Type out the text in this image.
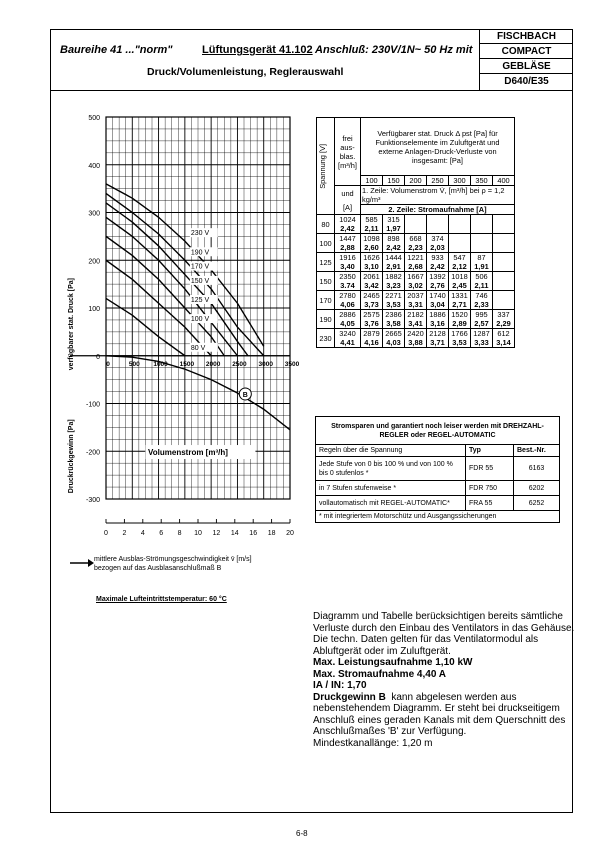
Baureihe 41 ..."norm"	Lüftungsgerät 41.102 Anschluß: 230V/1N~ 50 Hz mit
Druck/Volumenleistung, Reglerauswahl
FISCHBACH
COMPACT
GEBLÄSE
D640/E35
500
400
300
200
100
0
-100
-200
-300
0	500 1000 1500 2000 2500 3000 3500
verfügbarer stat. Druck [Pa]
Druckrückgewinn [Pa]	Volumenstrom [m³/h]
230 V
190 V
170 V
150 V
125 V
100 V
80 V
B
0 2 4 6 8 10 12 14 16 18 20
mittlere Ausblas-Strömungsgeschwindigkeit v̄ [m/s]
bezogen auf das Ausblasanschlußmaß B
Maximale Lufteintrittstemperatur: 60 °C
Spannung [V]	frei
aus-
blas.
[m³/h]	Verfügbarer stat. Druck Δ pst [Pa] für Funktionselemente im Zuluftgerät und externe Anlagen-Druck-Verluste von insgesamt: [Pa]						
		100	150	200	250	300	350	400

	und
[A]	1. Zeile: Volumenstrom V̇, [m³/h] bei ρ = 1,2 kg/m³						
		2. Zeile: Stromaufnahme [A]						
80	1024	585	315					
	2,42	2,11	1,97					
100	1447	1098	898	668	374			
	2,88	2,60	2,42	2,23	2,03			
125	1916	1626	1444	1221	933	547	87	
	3,40	3,10	2,91	2,68	2,42	2,12	1,91	
150	2350	2061	1882	1667	1392	1018	506	
	3.74	3,42	3,23	3,02	2,76	2,45	2,11	
170	2780	2465	2271	2037	1740	1331	746	
	4,06	3,73	3,53	3,31	3,04	2,71	2,33	
190	2886	2575	2386	2182	1886	1520	995	337
	4,05	3,76	3,58	3,41	3,16	2,89	2,57	2,29
230	3240	2879	2665	2420	2128	1766	1287	612
	4,41	4,16	4,03	3,88	3,71	3,53	3,33	3,14
Stromsparen und garantiert noch leiser werden mit DREHZAHL-REGLER oder REGEL-AUTOMATIC		
Regeln über die Spannung	Typ	Best.-Nr.
Jede Stufe von 0 bis 100 % und von 100 % bis 0 stufenlos *	FDR 55	6163
in 7 Stufen stufenweise *	FDR 750	6202
vollautomatisch mit REGEL-AUTOMATIC*	FRA 55	6252
* mit integriertem Motorschütz und Ausgangssicherungen		

Diagramm und Tabelle berücksichtigen bereits sämtliche Verluste durch den Einbau des Ventilators in das Gehäuse.

Die techn. Daten gelten für das Ventilatormodul als Abluftgerät oder im Zuluftgerät.

Max. Leistungsaufnahme 1,10 kW

Max. Stromaufnahme 4,40 A

IA / IN: 1,70

Druckgewinn B kann abgelesen werden aus nebenstehendem Diagramm. Er steht bei druckseitigem Anschluß eines geraden Kanals mit dem Querschnitt des Anschlußmaßes 'B' zur Verfügung.

Mindestkanallänge: 1,20 m

6-8
